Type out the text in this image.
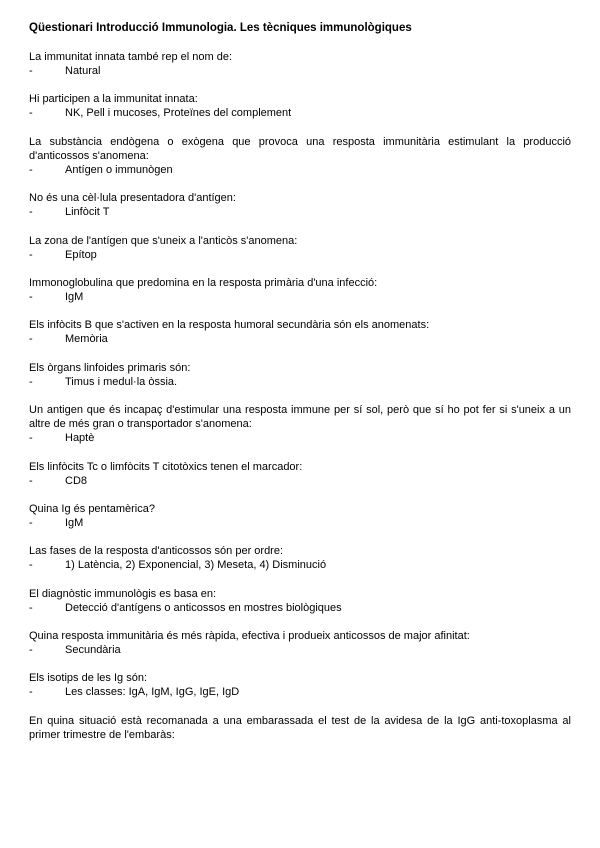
Qüestionari Introducció Immunologia. Les tècniques immunològiques
La immunitat innata també rep el nom de:
-	Natural
Hi participen a la immunitat innata:
-	NK, Pell i mucoses, Proteïnes del complement
La substància endògena o exògena que provoca una resposta immunitària estimulant la producció d'anticossos s'anomena:
-	Antígen o immunògen
No és una cèl·lula presentadora d'antígen:
-	Linfòcit T
La zona de l'antígen que s'uneix a l'anticòs s'anomena:
-	Epítop
Immonoglobulina que predomina en la resposta primària d'una infecció:
-	IgM
Els infòcits B que s'activen en la resposta humoral secundària són els anomenats:
-	Memòria
Els òrgans linfoides primaris són:
-	Timus i medul·la òssia.
Un antigen que és incapaç d'estimular una resposta immune per sí sol, però que sí ho pot fer si s'uneix a un altre de més gran o transportador s'anomena:
-	Haptè
Els linfòcits Tc o limfòcits T citotòxics tenen el marcador:
-	CD8
Quina Ig és pentamèrica?
-	IgM
Las fases de la resposta d'anticossos són per ordre:
-	1) Latència, 2) Exponencial, 3) Meseta, 4) Disminució
El diagnòstic immunològis es basa en:
-	Detecció d'antígens o anticossos en mostres biològiques
Quina resposta immunitària és més ràpida, efectiva i produeix anticossos de major afinitat:
-	Secundària
Els isotips de les Ig són:
-	Les classes: IgA, IgM, IgG, IgE, IgD
En quina situació està recomanada a una embarassada el test de la avidesa de la IgG anti-toxoplasma al primer trimestre de l'embaràs:
